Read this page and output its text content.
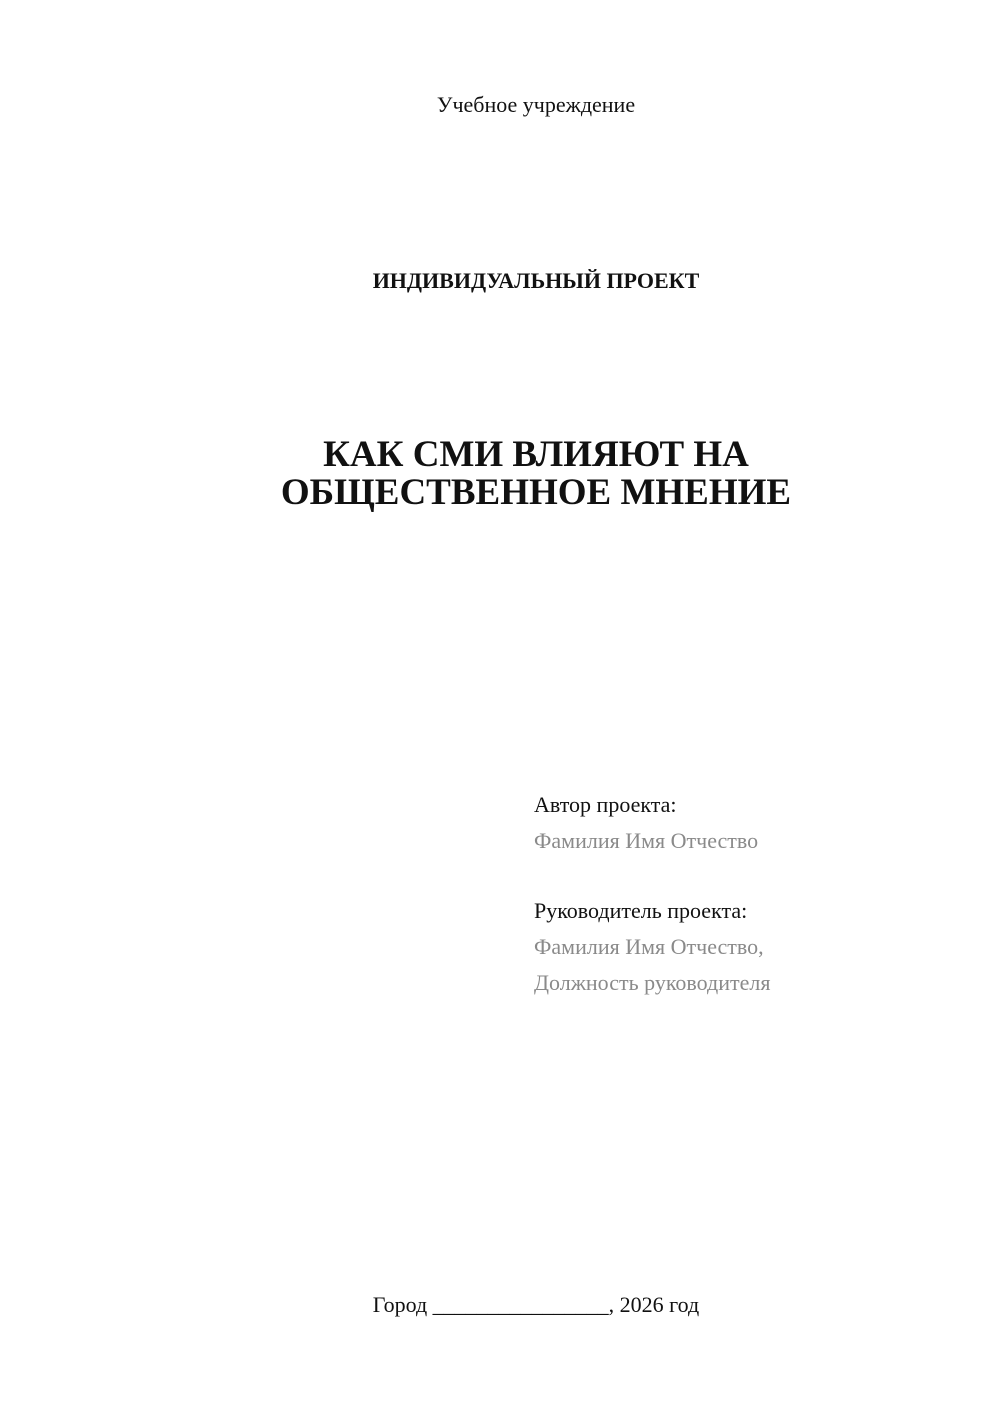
Учебное учреждение
ИНДИВИДУАЛЬНЫЙ ПРОЕКТ
КАК СМИ ВЛИЯЮТ НА
ОБЩЕСТВЕННОЕ МНЕНИЕ
Автор проекта:
Фамилия Имя Отчество
Руководитель проекта:
Фамилия Имя Отчество,
Должность руководителя
Город ________________, 2026 год
